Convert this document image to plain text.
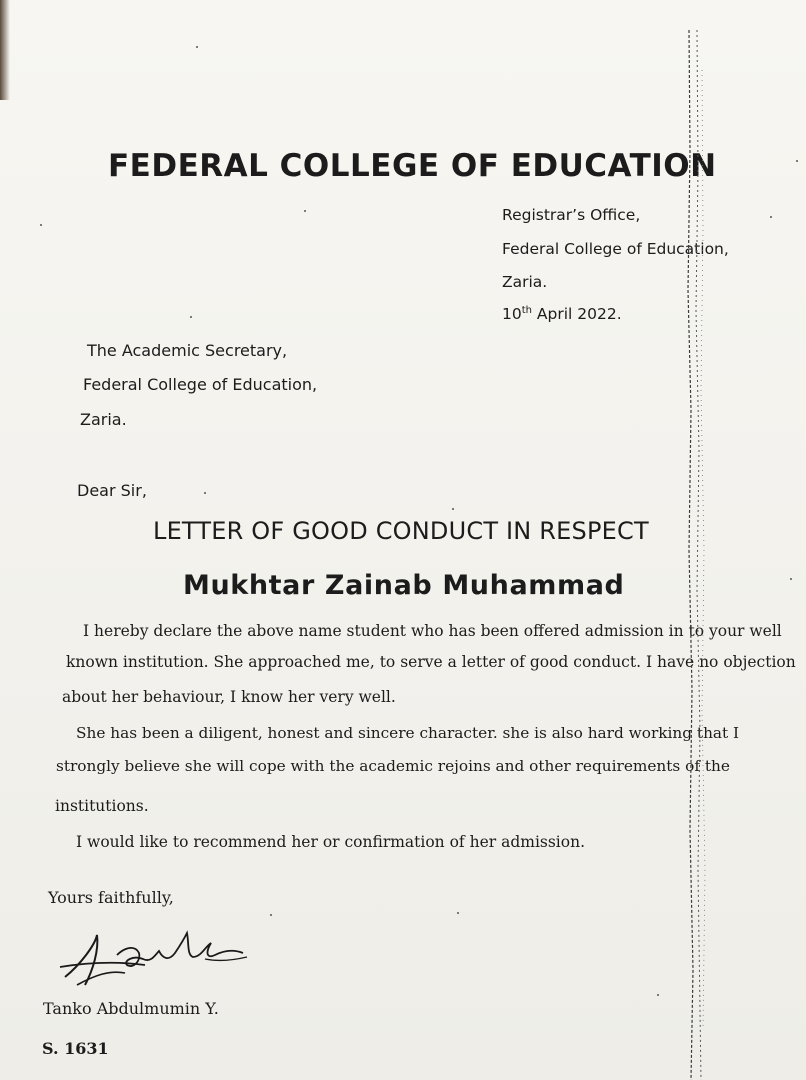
FEDERAL COLLEGE OF EDUCATION
Registrar’s Office,
Federal College of Education,
Zaria.
10th April 2022.
The Academic Secretary,
Federal College of Education,
Zaria.
Dear Sir,
LETTER OF GOOD CONDUCT IN RESPECT
Mukhtar Zainab Muhammad
I hereby declare the above name student who has been offered admission in to your well
known institution. She approached me, to serve a letter of good conduct. I have no objection
about her behaviour, I know her very well.
She has been a diligent, honest and sincere character. she is also hard working that I
strongly believe she will cope with the academic rejoins and other requirements of the
institutions.
I would like to recommend her or confirmation of her admission.
Yours faithfully,
Tanko Abdulmumin Y.
S. 1631
